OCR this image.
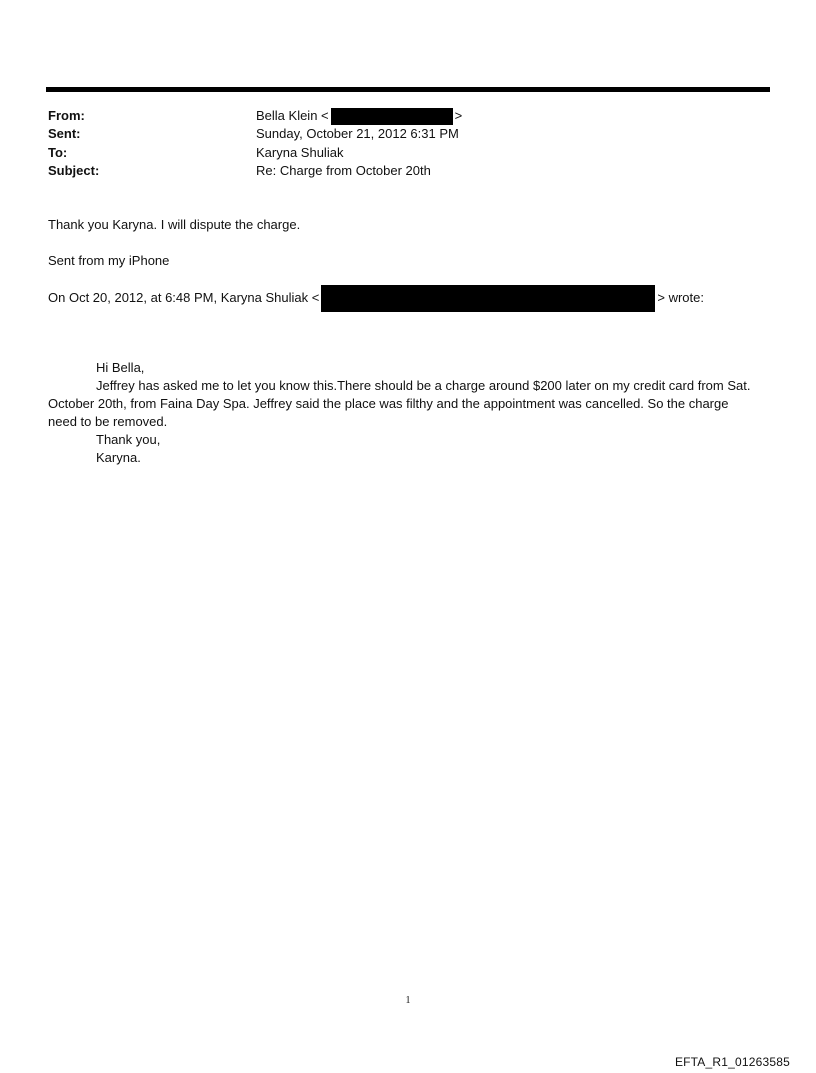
From:	Bella Klein <	>
Sent:	Sunday, October 21, 2012 6:31 PM
To:	Karyna Shuliak
Subject:	Re: Charge from October 20th
Thank you Karyna. I will dispute the charge.
Sent from my iPhone
On Oct 20, 2012, at 6:48 PM, Karyna Shuliak <	> wrote:
Hi Bella,
Jeffrey has asked me to let you know this.There should be a charge around $200 later on my credit card from Sat. October 20th, from Faina Day Spa. Jeffrey said the place was filthy and the appointment was cancelled. So the charge need to be removed.
Thank you,
Karyna.
1
EFTA_R1_01263585
